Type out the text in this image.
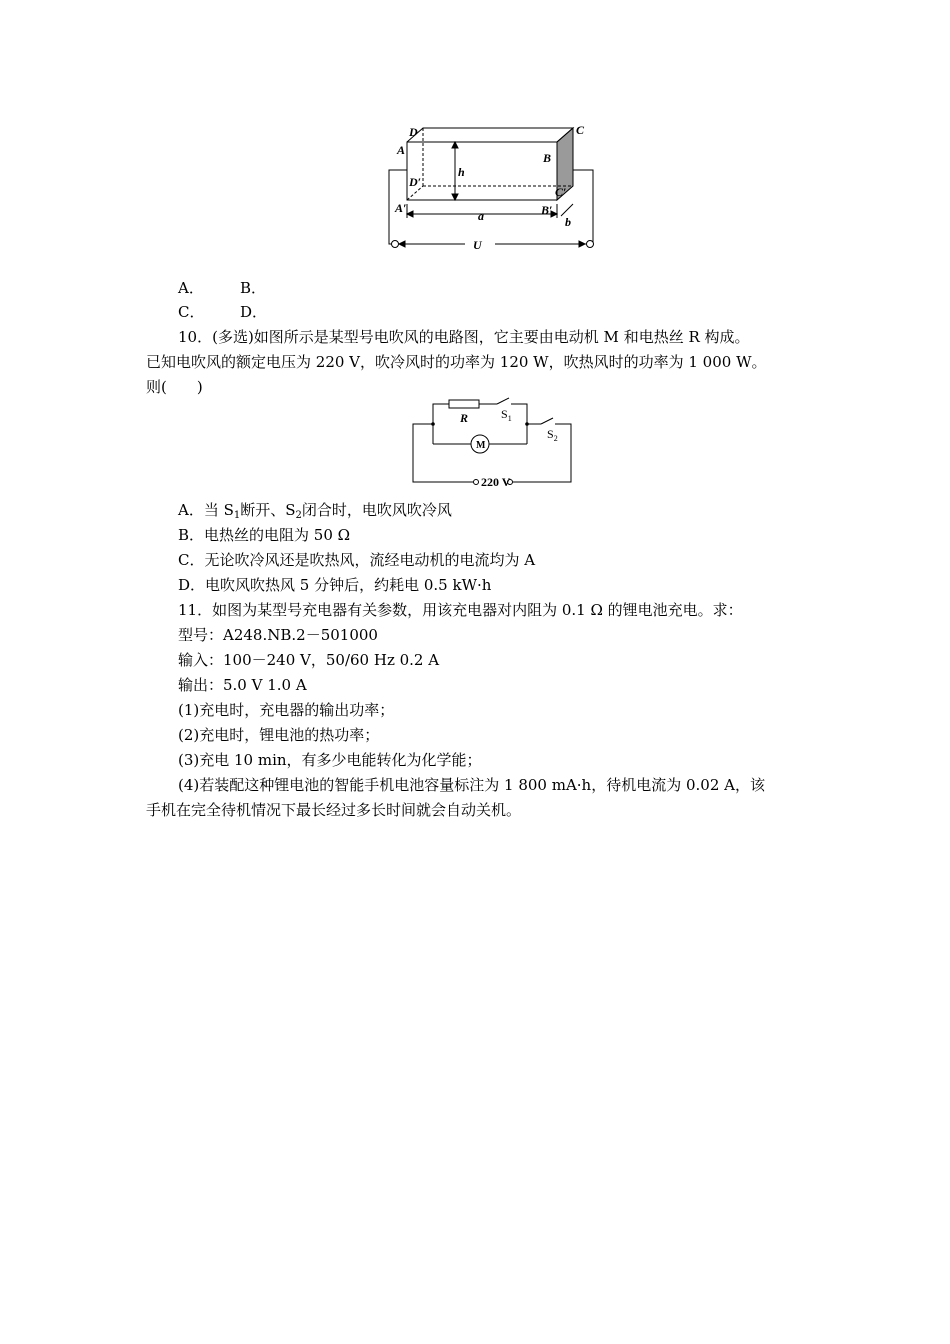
D	C
A
B
D′
C′
A′	B′
h
a	b
U
A． B．
C． D．
10．(多选)如图所示是某型号电吹风的电路图，它主要由电动机 M 和电热丝 R 构成。
已知电吹风的额定电压为 220 V，吹冷风时的功率为 120 W，吹热风时的功率为 1 000 W。
则(　　)
R	$S_1$
$S_2$
M
220 V
A．当 $S_1$断开、$S_2$闭合时，电吹风吹冷风
B．电热丝的电阻为 50 Ω
C．无论吹冷风还是吹热风，流经电动机的电流均为 A
D．电吹风吹热风 5 分钟后，约耗电 0.5 kW·h
11．如图为某型号充电器有关参数，用该充电器对内阻为 0.1 Ω 的锂电池充电。求：
型号：A248.NB.2－501000
输入：100－240 V，50/60 Hz 0.2 A
输出：5.0 V 1.0 A
(1)充电时，充电器的输出功率；
(2)充电时，锂电池的热功率；
(3)充电 10 min，有多少电能转化为化学能；
(4)若装配这种锂电池的智能手机电池容量标注为 1 800 mA·h，待机电流为 0.02 A，该
手机在完全待机情况下最长经过多长时间就会自动关机。
